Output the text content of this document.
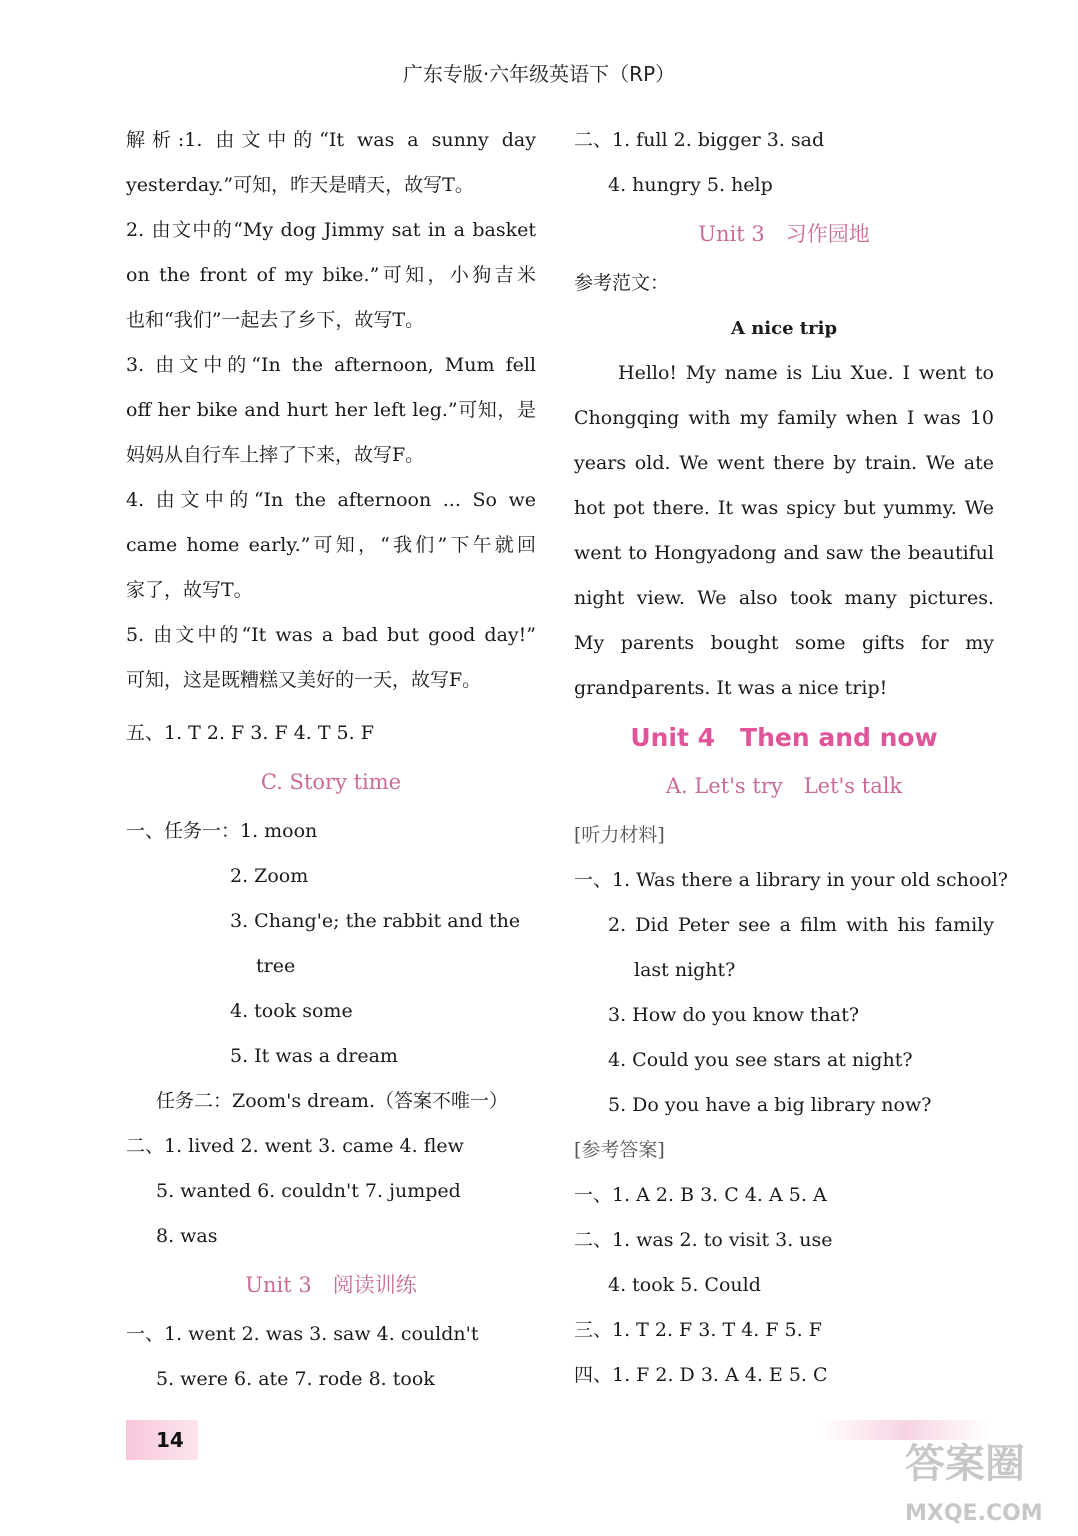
广东专版·六年级英语下（RP）
解析:1. 由文中的“It was a sunny day
yesterday.”可知，昨天是晴天，故写T。
2. 由文中的“My dog Jimmy sat in a basket
on the front of my bike.”可知，小狗吉米
也和“我们”一起去了乡下，故写T。
3. 由文中的“In the afternoon, Mum fell
off her bike and hurt her left leg.”可知，是
妈妈从自行车上摔了下来，故写F。
4. 由文中的“In the afternoon ... So we
came home early.”可知，“我们”下午就回
家了，故写T。
5. 由文中的“It was a bad but good day!”
可知，这是既糟糕又美好的一天，故写F。
五、1. T 2. F 3. F 4. T 5. F
C. Story time
一、任务一：1. moon
2. Zoom
3. Chang'e; the rabbit and the
tree
4. took some
5. It was a dream
任务二：Zoom's dream.（答案不唯一）
二、1. lived 2. went 3. came 4. flew
5. wanted 6. couldn't 7. jumped
8. was
Unit 3　阅读训练
一、1. went 2. was 3. saw 4. couldn't
5. were 6. ate 7. rode 8. took
二、1. full 2. bigger 3. sad
4. hungry 5. help
Unit 3　习作园地
参考范文：
A nice trip
Hello! My name is Liu Xue. I went to
Chongqing with my family when I was 10
years old. We went there by train. We ate
hot pot there. It was spicy but yummy. We
went to Hongyadong and saw the beautiful
night view. We also took many pictures.
My parents bought some gifts for my
grandparents. It was a nice trip!
Unit 4　Then and now
A. Let's try　Let's talk
[听力材料]
一、1. Was there a library in your old school?
2. Did Peter see a film with his family
last night?
3. How do you know that?
4. Could you see stars at night?
5. Do you have a big library now?
[参考答案]
一、1. A 2. B 3. C 4. A 5. A
二、1. was 2. to visit 3. use
4. took 5. Could
三、1. T 2. F 3. T 4. F 5. F
四、1. F 2. D 3. A 4. E 5. C
14
答案圈
MXQE.COM
